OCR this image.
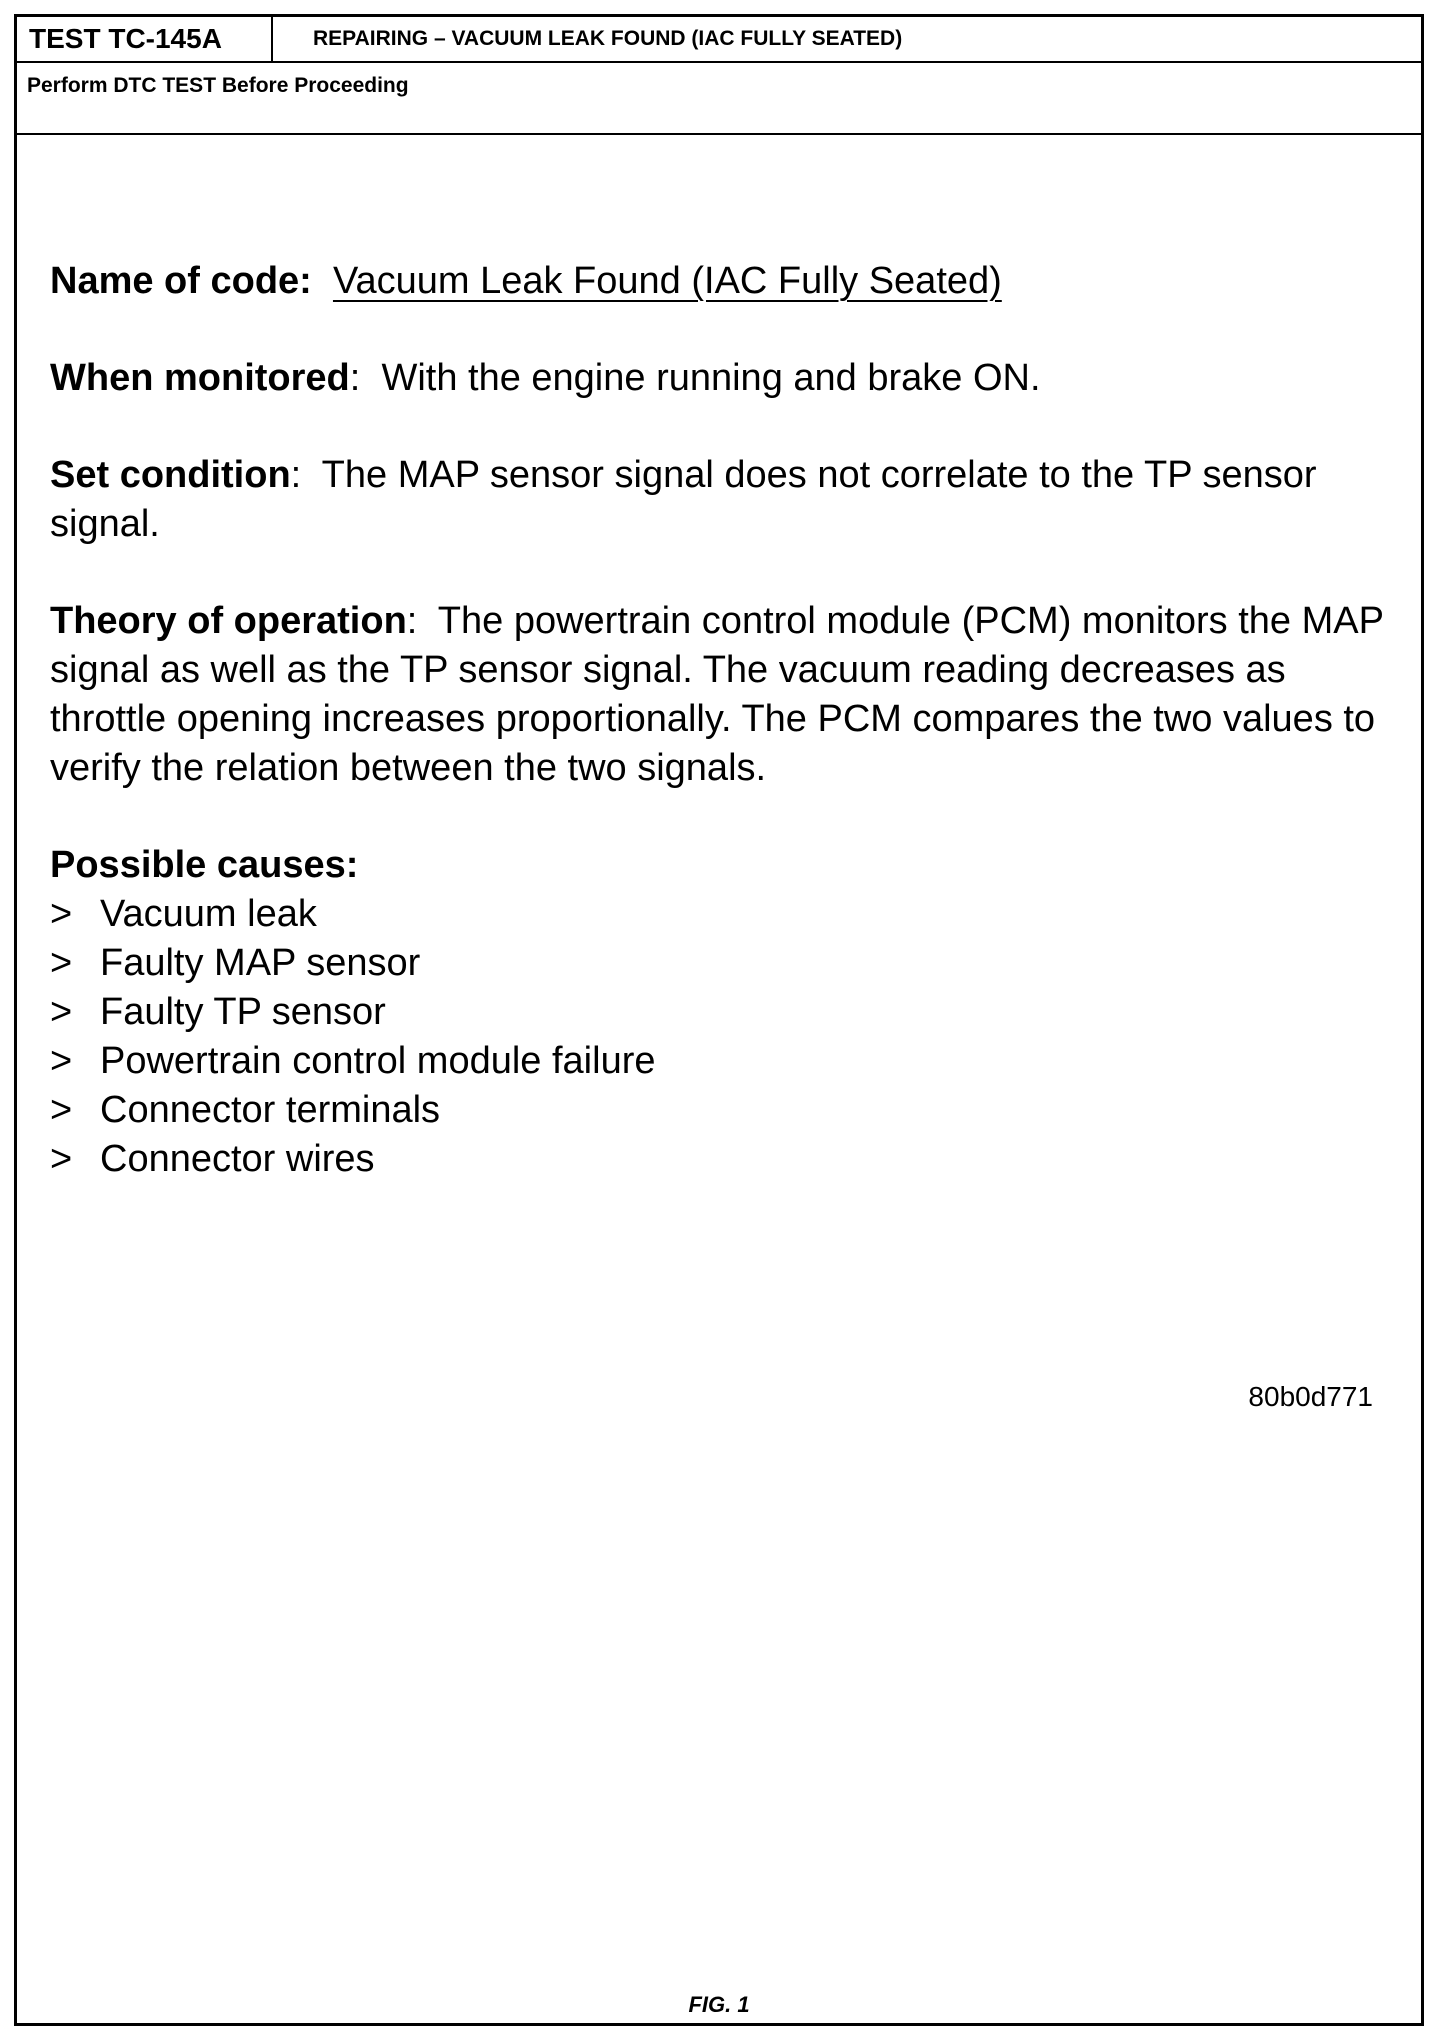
TEST TC-145A	REPAIRING – VACUUM LEAK FOUND (IAC FULLY SEATED)
Perform DTC TEST Before Proceeding

Name of code: Vacuum Leak Found (IAC Fully Seated)

When monitored:  With the engine running and brake ON.

Set condition:  The MAP sensor signal does not correlate to the TP sensor signal.

Theory of operation:  The powertrain control module (PCM) monitors the MAP signal as well as the TP sensor signal. The vacuum reading decreases as throttle opening increases proportionally. The PCM compares the two values to verify the relation between the two signals.

Possible causes:

> Vacuum leak
> Faulty MAP sensor
> Faulty TP sensor
> Powertrain control module failure
> Connector terminals
> Connector wires
80b0d771
FIG. 1
